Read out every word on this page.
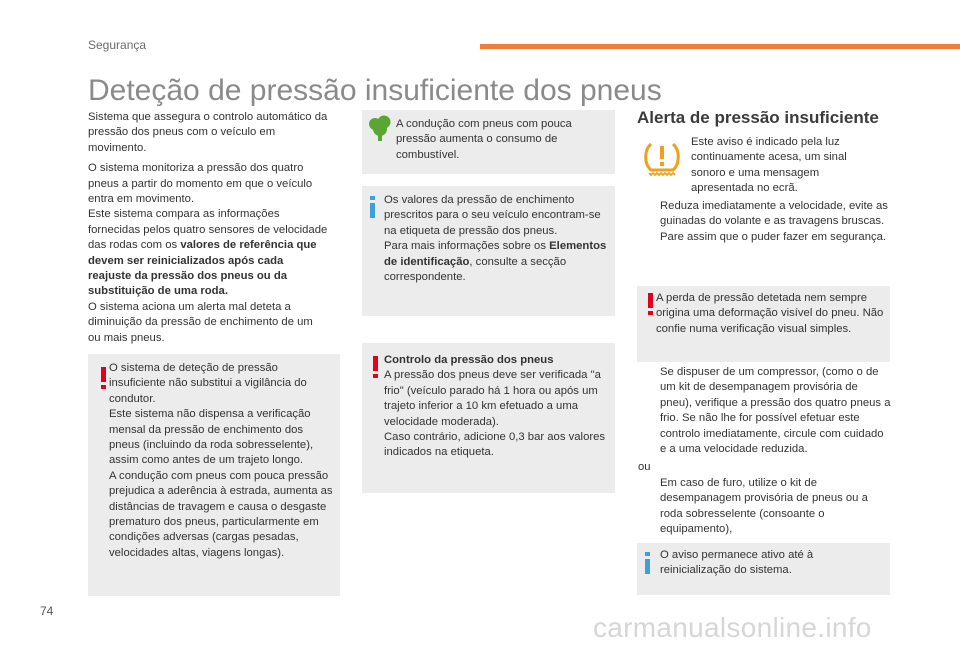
Segurança
Deteção de pressão insuficiente dos pneus

Sistema que assegura o controlo automático da pressão dos pneus com o veículo em movimento.

O sistema monitoriza a pressão dos quatro pneus a partir do momento em que o veículo entra em movimento.

Este sistema compara as informações fornecidas pelos quatro sensores de velocidade das rodas com os valores de referência que devem ser reinicializados após cada reajuste da pressão dos pneus ou da substituição de uma roda.

O sistema aciona um alerta mal deteta a diminuição da pressão de enchimento de um ou mais pneus.

O sistema de deteção de pressão insuficiente não substitui a vigilância do condutor.

Este sistema não dispensa a verificação mensal da pressão de enchimento dos pneus (incluindo da roda sobresselente), assim como antes de um trajeto longo.

A condução com pneus com pouca pressão prejudica a aderência à estrada, aumenta as distâncias de travagem e causa o desgaste prematuro dos pneus, particularmente em condições adversas (cargas pesadas, velocidades altas, viagens longas).

A condução com pneus com pouca pressão aumenta o consumo de combustível.

Os valores da pressão de enchimento prescritos para o seu veículo encontram-se na etiqueta de pressão dos pneus.

Para mais informações sobre os Elementos de identificação, consulte a secção correspondente.

Controlo da pressão dos pneus

A pressão dos pneus deve ser verificada "a frio" (veículo parado há 1 hora ou após um trajeto inferior a 10 km efetuado a uma velocidade moderada).

Caso contrário, adicione 0,3 bar aos valores indicados na etiqueta.

Alerta de pressão insuficiente
Este aviso é indicado pela luz continuamente acesa, um sinal sonoro e uma mensagem apresentada no ecrã.
Reduza imediatamente a velocidade, evite as guinadas do volante e as travagens bruscas.
Pare assim que o puder fazer em segurança.
A perda de pressão detetada nem sempre origina uma deformação visível do pneu. Não confie numa verificação visual simples.
Se dispuser de um compressor, (como o de um kit de desempanagem provisória de pneu), verifique a pressão dos quatro pneus a frio. Se não lhe for possível efetuar este controlo imediatamente, circule com cuidado e a uma velocidade reduzida.
ou
Em caso de furo, utilize o kit de desempanagem provisória de pneus ou a roda sobresselente (consoante o equipamento),
O aviso permanece ativo até à reinicialização do sistema.
74
carmanualsonline.info
